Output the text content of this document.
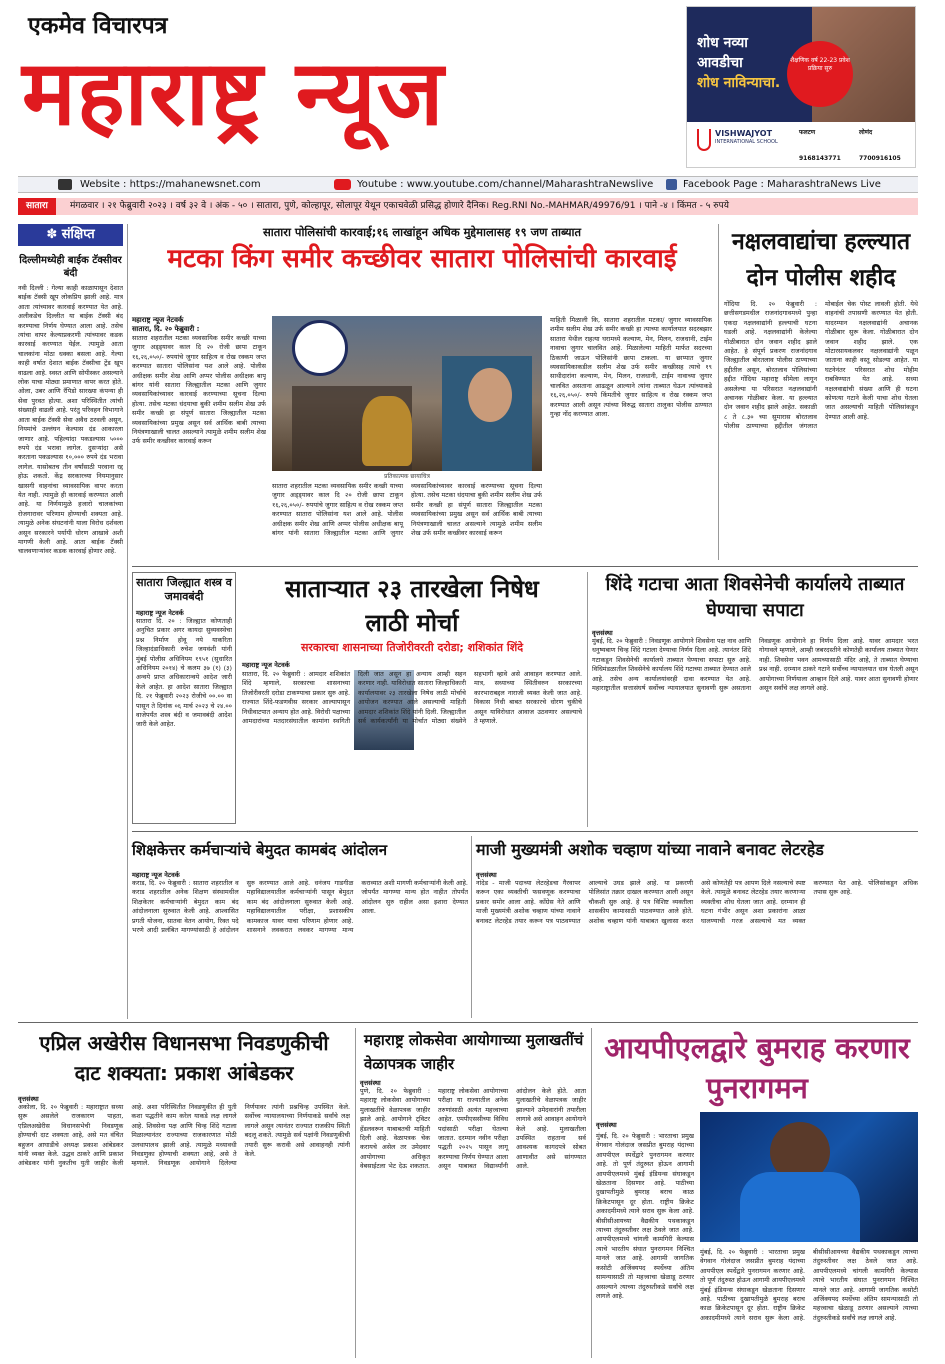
एकमेव विचारपत्र
महाराष्ट्र न्यूज	शोध नव्या
आवडीचा
शोध नाविन्याचा.
शैक्षणिक वर्ष 22-23 प्रवेश प्रक्रिया सुरु
VISHWAJYOT
INTERNATIONAL SCHOOL
फलटण
9168143771
लोणंद
7700916105
Website : https://mahanewsnet.com	Youtube : www.youtube.com/channel/MaharashtraNewslive	Facebook Page : MaharashtraNews Live
सातारा	मंगळवार । २१ फेब्रुवारी २०२३ । वर्ष ३२ वे । अंक - ५० । सातारा, पुणे, कोल्हापूर, सोलापूर येथून एकाचवेळी प्रसिद्ध होणारे दैनिक। Reg.RNI No.-MAHMAR/49976/91 । पाने -४ । किंमत - ५ रुपये
✽ संक्षिप्त
दिल्लीमध्येही बाईक टॅक्सीवर बंदी
नवी दिल्ली : गेल्या काही काळापासून देशात बाईक टॅक्सी खूप लोकप्रिय झाली आहे. मात्र आता त्यांच्यावर कारवाई करण्यात येत आहे. अलीकडेच दिल्लीत या बाईक टॅक्सी बंद करण्याचा निर्णय घेण्यात आला आहे. तसेच त्यांचा वापर केल्याप्रकरणी त्यांच्यावर कडक कारवाई करण्यात येईल. त्यामुळे आता चालकांना मोठा धक्का बसला आहे. गेल्या काही वर्षात देशात बाईक टॅक्सीचा ट्रेंड खूप वाढला आहे. स्वस्त आणि सोयीस्कर असल्याने लोक याचा मोठ्या प्रमाणात वापर करत होते. ओला, उबर आणि रॅपिडो सारख्या कंपन्या ही सेवा पुरवत होत्या. अशा परिस्थितीत त्यांची संख्याही वाढली आहे. परंतु परिवहन विभागाने आता बाईक टॅक्सी सेवा अवैध ठरवली असून, नियमांचे उल्लंघन केल्यास दंड आकारला जाणार आहे. पहिल्यांदा पकडल्यास ५००० रुपये दंड भरावा लागेल. दुसऱ्यांदा असे करताना पकडल्यास १०,००० रुपये दंड भरावा लागेल. यासोबतच तीन वर्षांसाठी परवाना रद्द होऊ शकतो. केंद्र सरकारच्या नियमानुसार खासगी वाहनांचा व्यावसायिक वापर करता येत नाही. त्यामुळे ही कारवाई करण्यात आली आहे. या निर्णयामुळे हजारो चालकांच्या रोजगारावर परिणाम होण्याची शक्यता आहे. त्यामुळे अनेक संघटनांनी याला विरोध दर्शवला असून सरकारने पर्यायी धोरण आखावे अशी मागणी केली आहे. आता बाईक टॅक्सी चालवणाऱ्यांवर कडक कारवाई होणार आहे.
सातारा पोलिसांची कारवाई;१६ लाखांहून अधिक मुद्देमालासह १९ जण ताब्यात
मटका किंग समीर कच्छीवर सातारा पोलिसांची कारवाई
महाराष्ट्र न्यूज नेटवर्क
सातारा, दि. २० फेब्रुवारी :
सातारा शहरातील मटका व्यवसायिक समीर कच्छी याच्या जुगार अड्ड्यावर काल दि २० रोजी छापा टाकून १६,२६,०५०/- रुपयांचे जुगार साहित्य व रोख रक्कम जप्त करण्यात सातारा पोलिसांना यश आले आहे. पोलीस अधीक्षक समीर शेख आणि अप्पर पोलीस अधीक्षक बापू बांगर यांनी सातारा जिल्ह्यातील मटका आणि जुगार व्यवसायिकांच्यावर कारवाई करण्याच्या सूचना दिल्या होत्या. तसेच मटका धंदयाचा बुकी शमीम सलीम शेख उर्फ समीर कच्छी हा संपूर्ण सातारा जिल्ह्यातील मटका व्यवसायिकांच्या प्रमुख असून सर्व आर्थिक बाबी त्याच्या नियंत्रणाखाली चालत असल्याने त्यामुळे शमीम सलीम शेख उर्फ समीर कच्छीवर कारवाई करून
प्रतिकात्मक छायाचित्र
सातारा शहरातील मटका व्यवसायिक समीर कच्छी याच्या जुगार अड्ड्यावर काल दि २० रोजी छापा टाकून १६,२६,०५०/- रुपयांचे जुगार साहित्य व रोख रक्कम जप्त करण्यात सातारा पोलिसांना यश आले आहे. पोलीस अधीक्षक समीर शेख आणि अप्पर पोलीस अधीक्षक बापू बांगर यांनी सातारा जिल्ह्यातील मटका आणि जुगार व्यवसायिकांच्यावर कारवाई करण्याच्या सूचना दिल्या होत्या. तसेच मटका धंदयाचा बुकी शमीम सलीम शेख उर्फ समीर कच्छी हा संपूर्ण सातारा जिल्ह्यातील मटका व्यवसायिकांच्या प्रमुख असून सर्व आर्थिक बाबी त्याच्या नियंत्रणाखाली चालत असल्याने त्यामुळे शमीम सलीम शेख उर्फ समीर कच्छीवर कारवाई करून
माहिती मिळाली कि, सातारा शहरातील मटका/ जुगार व्यावसायिक शमीम सलीम शेख उर्फ समीर कच्छी हा त्याच्या कार्यालयात सदरबझार सातारा येथील राहत्या घरामध्ये कल्याण, मेन, मिलन, राजधानी, टाईम नावाचा जुगार चालवित आहे. मिळालेल्या माहिती मार्फत सदरच्या ठिकाणी जाऊन पोलिसांनी छापा टाकला. या छाप्यात जुगार व्यवसायिकाकडील सलीम शेख उर्फ समीर कच्छीसह त्याचे १९ साथीदारांना कल्याण, मेन, मिलन, राजधानी, टाईम नावाच्या जुगार चालवित असताना आढळून आल्याने त्यांना ताब्यात घेऊन त्यांच्याकडे १६,२६,०५०/- रुपये किंमतीचे जुगार साहित्य व रोख रक्कम जप्त करण्यात आली असून त्यांच्या विरुद्ध सातारा तालुका पोलीस ठाण्यात गुन्हा नोंद करण्यात आला.
नक्षलवाद्यांचा हल्ल्यात दोन पोलीस शहीद
गोंदिया दि. २० फेब्रुवारी : छत्तीसगडमधील राजनांदगावमध्ये पुन्हा एकदा नक्षलवाद्यांनी हल्ल्याची घटना घडली आहे. नक्षलवाद्यांनी केलेल्या गोळीबारात दोन जवान शहीद झाले आहेत. हे संपूर्ण प्रकरण राजनांदगाव जिल्ह्यातील बोरतलाव पोलीस ठाण्याच्या हद्दीतील असून, बोरतलाव पोलिसांच्या हद्दीत गोंदिया महाराष्ट्र सीमेला लागून असलेल्या या परिसरात नक्षलवाद्यांनी अचानक गोळीबार केला. या हल्ल्यात दोन जवान शहीद झाले आहेत. सकाळी ८ ते ८.३० च्या सुमारास बोरतलाव पोलीस ठाण्याच्या हद्दीतील जंगलात मोबाईल चेक पोस्ट लावली होती. येथे वाहनांची तपासणी करण्यात येत होती. यादरम्यान नक्षलवाद्यांनी अचानक गोळीबार सुरू केला. गोळीबारात दोन जवान शहीद झाले. एक मोटारसायकलवर नक्षलवाद्यांनी पळून जाताना काही वस्तू सोडल्या आहेत. या घटनेनंतर परिसरात शोध मोहीम राबविण्यात येत आहे. सध्या नक्षलवाद्यांची संख्या आणि ही घटना कोणत्या गटाने केली याचा शोध घेतला जात असल्याची माहिती पोलिसांकडून देण्यात आली आहे.
सातारा जिल्ह्यात शस्त्र व जमावबंदी
महाराष्ट्र न्यूज नेटवर्क
सातारा दि. २० : जिल्ह्यात कोणताही अनुचित प्रकार अगर कायदा सुव्यवस्थेचा प्रश्न निर्माण होवू नये याकरिता जिल्हादंडाधिकारी रुचेश जयवंशी यांनी मुंबई पोलीस अधिनियम १९५१ (सुधारित अधिनियम २०१४) चे कलम ३७ (१) (३) अन्वये प्राप्त अधिकारान्वये आदेश जारी केले आहेत. हा आदेश सातारा जिल्ह्यात दि. २१ फेब्रुवारी २०२३ रोजीचे ००.०० वा पासून ते दिनांक ०६ मार्च २०२३ चे २४.०० वाजेपर्यंत शस्त्र बंदी व जमावबंदी आदेश जारी केले आहेत.
साताऱ्यात २३ तारखेला निषेध लाठी मोर्चा
सरकारचा शासनाच्या तिजोरीवरती दरोडा; शशिकांत शिंदे
महाराष्ट्र न्यूज नेटवर्क
सातारा, दि. २० फेब्रुवारी : आमदार शशिकांत शिंदे म्हणाले, सरकारचा शासनाच्या तिजोरीवरती दरोडा टाकण्याचा प्रकार सुरु आहे. राज्यात शिंदे-फडणवीस सरकार आल्यापासून निधीवाटपात अन्याय होत आहे. विरोधी पक्षाच्या आमदारांच्या मतदारसंघातील कामांना स्थगिती दिली जात असून हा अन्याय आम्ही सहन करणार नाही. याविरोधात सातारा जिल्हाधिकारी कार्यालयावर २३ तारखेला निषेध लाठी मोर्चाचे आयोजन करण्यात आले असल्याची माहिती आमदार शशिकांत शिंदे यांनी दिली. जिल्ह्यातील सर्व कार्यकर्त्यांनी या मोर्चात मोठ्या संख्येने सहभागी व्हावे असे आवाहन करण्यात आले. मात्र, सध्याच्या स्थितीवरुन सरकारच्या कारभाराबद्दल नाराजी व्यक्त केली जात आहे. विकास निधी बाबत सरकारचे धोरण चुकीचे असून याविरोधात आवाज उठवणार असल्याचे ते म्हणाले.
शिंदे गटाचा आता शिवसेनेची कार्यालये ताब्यात घेण्याचा सपाटा
वृत्तसंस्था
मुंबई, दि. २० फेब्रुवारी : निवडणूक आयोगाने शिवसेना पक्ष नाव आणि धनुष्यबाण चिन्ह शिंदे गटाला देण्याचा निर्णय दिला आहे. त्यानंतर शिंदे गटाकडून शिवसेनेची कार्यालये ताब्यात घेण्याचा सपाटा सुरु आहे. विधिमंडळातील शिवसेनेचे कार्यालय शिंदे गटाच्या ताब्यात देण्यात आले आहे. तसेच अन्य कार्यालयांवरही दावा करण्यात येत आहे. महाराष्ट्रातील सत्तासंघर्ष सर्वोच्च न्यायालयात सुनावणी सुरू असताना निवडणूक आयोगाने हा निर्णय दिला आहे. यावर आमदार भरत गोगावले म्हणाले, आम्ही जबरदस्तीने कोणतेही कार्यालय ताब्यात घेणार नाही. शिवसेना भवन आमच्यासाठी मंदिर आहे, ते ताब्यात घेण्याचा प्रश्न नाही. दरम्यान ठाकरे गटाने सर्वोच्च न्यायालयात धाव घेतली असून आयोगाच्या निर्णयाला आव्हान दिले आहे. यावर आता सुनावणी होणार असून सर्वांचे लक्ष लागले आहे.
शिक्षकेत्तर कर्मचाऱ्यांचे बेमुदत कामबंद आंदोलन
महाराष्ट्र न्यूज नेटवर्क
कराड, दि. २० फेब्रुवारी : सातारा शहरातील व कराड शहरातील अनेक शिक्षण संस्थामधील शिक्षकेतर कर्मचाऱ्यांनी बेमुदत काम बंद आंदोलनाला सुरुवात केली आहे. आश्वासित प्रगती योजना, सातवा वेतन आयोग, रिक्त पदे भरणे आदी प्रलंबित मागण्यांसाठी हे आंदोलन सुरु करण्यात आले आहे. धनंजय गाडगीळ महाविद्यालयातील कर्मचाऱ्यांनी पासून बेमुदत काम बंद आंदोलनाला सुरुवात केली आहे. महाविद्यालयातील परीक्षा, प्रशासकीय कामकाज यावर याचा परिणाम होणार आहे. शासनाने लवकरात लवकर मागण्या मान्य कराव्यात अशी मागणी कर्मचाऱ्यांनी केली आहे. जोपर्यंत मागण्या मान्य होत नाहीत तोपर्यंत आंदोलन सुरु राहील असा इशारा देण्यात आला.
माजी मुख्यमंत्री अशोक चव्हाण यांच्या नावाने बनावट लेटरहेड
वृत्तसंस्था
नांदेड - माजी पदाच्या लेटरहेडचा गैरवापर करून एका व्यक्तीची फसवणूक करण्याचा प्रकार समोर आला आहे. काँग्रेस नेते आणि माजी मुख्यमंत्री अशोक चव्हाण यांच्या नावाने बनावट लेटरहेड तयार करून पत्र पाठवण्यात आल्याचे उघड झाले आहे. या प्रकरणी पोलिसांत तक्रार दाखल करण्यात आली असून चौकशी सुरु आहे. हे पत्र विशिष्ट व्यक्तीला शासकीय कामासाठी पाठवण्यात आले होते. अशोक चव्हाण यांनी याबाबत खुलासा करत असे कोणतेही पत्र आपण दिले नसल्याचे स्पष्ट केले. त्यामुळे बनावट लेटरहेड तयार करणाऱ्या व्यक्तीचा शोध घेतला जात आहे. दरम्यान ही घटना गंभीर असून अशा प्रकारांना आळा घालण्याची गरज असल्याचे मत व्यक्त करण्यात येत आहे. पोलिसांकडून अधिक तपास सुरू आहे.
एप्रिल अखेरीस विधानसभा निवडणुकीची दाट शक्यता: प्रकाश आंबेडकर
वृत्तसंस्था
अकोला, दि. २० फेब्रुवारी : महाराष्ट्रात सध्या सुरू असलेले राजकारण पाहता, एप्रिलअखेरीस विधानसभेची निवडणूक होण्याची दाट शक्यता आहे, असे मत वंचित बहुजन आघाडीचे अध्यक्ष प्रकाश आंबेडकर यांनी व्यक्त केले. उद्धव ठाकरे आणि प्रकाश आंबेडकर यांनी नुकतीच युती जाहीर केली आहे. अशा परिस्थितीत निवडणुकीत ही युती कशा पद्धतीने काम करेल याकडे लक्ष लागले आहे. शिवसेना पक्ष आणि चिन्ह शिंदे गटाला मिळाल्यानंतर राज्याच्या राजकारणात मोठी उलथापालथ झाली आहे. त्यामुळे मध्यावधी निवडणुका होण्याची शक्यता आहे, असे ते म्हणाले. निवडणूक आयोगाने दिलेल्या निर्णयावर त्यांनी प्रश्नचिन्ह उपस्थित केले. सर्वोच्च न्यायालयाच्या निर्णयाकडे सर्वांचे लक्ष लागले असून त्यानंतर राज्यात राजकीय स्थिती बदलू शकते. त्यामुळे सर्व पक्षांनी निवडणुकीची तयारी सुरू करावी असे आवाहनही त्यांनी केले.
महाराष्ट्र लोकसेवा आयोगाच्या मुलाखतींचं वेळापत्रक जाहीर
वृत्तसंस्था
पुणे, दि. २० फेब्रुवारी : महाराष्ट्र लोकसेवा आयोगाच्या मुलाखतींचे वेळापत्रक जाहीर झाले आहे. आयोगाने ट्विटर हँडलवरून याबाबतची माहिती दिली आहे. वेळापत्रक चेक करायचे असेल तर उमेदवार आयोगाच्या अधिकृत वेबसाईटला भेट देऊ शकतात. महाराष्ट्र लोकसेवा आयोगाच्या परीक्षा या राज्यातील अनेक तरुणांसाठी अत्यंत महत्त्वाच्या आहेत. एमपीएससीच्या विविध पदांसाठी परीक्षा घेतल्या जातात. दरम्यान नवीन परीक्षा पद्धती २०२५ पासून लागू करण्याचा निर्णय घेण्यात आला असून याबाबत विद्यार्थ्यांनी आंदोलन केले होते. आता मुलाखतीचे वेळापत्रक जाहीर झाल्याने उमेदवारांनी तयारीला लागावे असे आवाहन आयोगाने केले आहे. मुलाखतीला उपस्थित राहताना सर्व आवश्यक कागदपत्रे सोबत आणावीत असे सांगण्यात आले.
आयपीएलद्वारे बुमराह करणार पुनरागमन
वृत्तसंस्था
मुंबई, दि. २० फेब्रुवारी : भारताचा प्रमुख वेगवान गोलंदाज जसप्रीत बुमराह यंदाच्या आयपीएल स्पर्धेद्वारे पुनरागमन करणार आहे. तो पूर्ण तंदुरुस्त होऊन आगामी आयपीएलमध्ये मुंबई इंडियन्स संघाकडून खेळताना दिसणार आहे. पाठीच्या दुखापतीमुळे बुमराह बराच काळ क्रिकेटपासून दूर होता. राष्ट्रीय क्रिकेट अकादमीमध्ये त्याने सराव सुरू केला आहे. बीसीसीआयच्या वैद्यकीय पथकाकडून त्याच्या तंदुरुस्तीवर लक्ष ठेवले जात आहे. आयपीएलमध्ये चांगली कामगिरी केल्यास त्याचे भारतीय संघात पुनरागमन निश्चित मानले जात आहे. आगामी जागतिक कसोटी अजिंक्यपद स्पर्धेच्या अंतिम सामन्यासाठी तो महत्त्वाचा खेळाडू ठरणार असल्याने त्याच्या तंदुरुस्तीकडे सर्वांचे लक्ष लागले आहे.
मुंबई, दि. २० फेब्रुवारी : भारताचा प्रमुख वेगवान गोलंदाज जसप्रीत बुमराह यंदाच्या आयपीएल स्पर्धेद्वारे पुनरागमन करणार आहे. तो पूर्ण तंदुरुस्त होऊन आगामी आयपीएलमध्ये मुंबई इंडियन्स संघाकडून खेळताना दिसणार आहे. पाठीच्या दुखापतीमुळे बुमराह बराच काळ क्रिकेटपासून दूर होता. राष्ट्रीय क्रिकेट अकादमीमध्ये त्याने सराव सुरू केला आहे. बीसीसीआयच्या वैद्यकीय पथकाकडून त्याच्या तंदुरुस्तीवर लक्ष ठेवले जात आहे. आयपीएलमध्ये चांगली कामगिरी केल्यास त्याचे भारतीय संघात पुनरागमन निश्चित मानले जात आहे. आगामी जागतिक कसोटी अजिंक्यपद स्पर्धेच्या अंतिम सामन्यासाठी तो महत्त्वाचा खेळाडू ठरणार असल्याने त्याच्या तंदुरुस्तीकडे सर्वांचे लक्ष लागले आहे.
